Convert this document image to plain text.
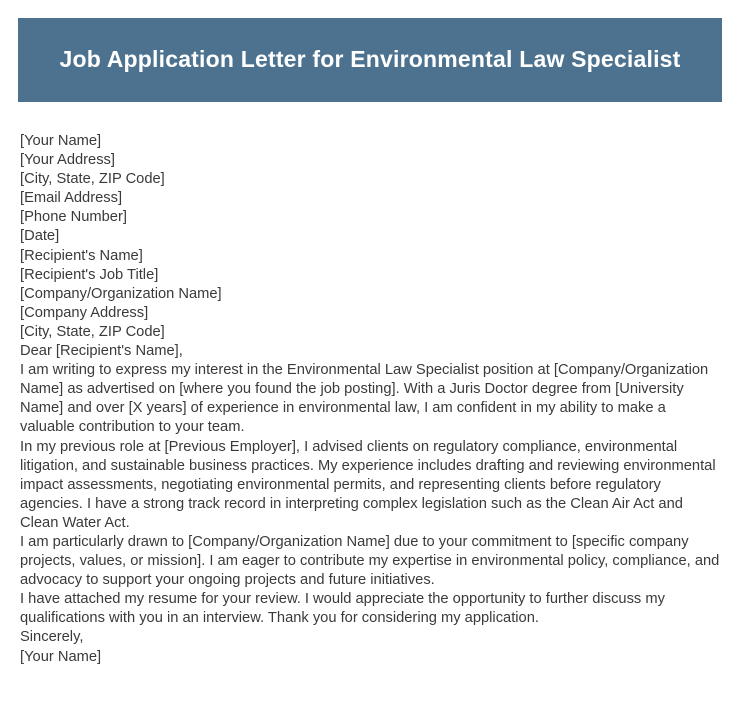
Job Application Letter for Environmental Law Specialist
[Your Name]
[Your Address]
[City, State, ZIP Code]
[Email Address]
[Phone Number]
[Date]
[Recipient's Name]
[Recipient's Job Title]
[Company/Organization Name]
[Company Address]
[City, State, ZIP Code]
Dear [Recipient's Name],

I am writing to express my interest in the Environmental Law Specialist position at [Company/Organization Name] as advertised on [where you found the job posting]. With a Juris Doctor degree from [University Name] and over [X years] of experience in environmental law, I am confident in my ability to make a valuable contribution to your team.

In my previous role at [Previous Employer], I advised clients on regulatory compliance, environmental litigation, and sustainable business practices. My experience includes drafting and reviewing environmental impact assessments, negotiating environmental permits, and representing clients before regulatory agencies. I have a strong track record in interpreting complex legislation such as the Clean Air Act and Clean Water Act.

I am particularly drawn to [Company/Organization Name] due to your commitment to [specific company projects, values, or mission]. I am eager to contribute my expertise in environmental policy, compliance, and advocacy to support your ongoing projects and future initiatives.

I have attached my resume for your review. I would appreciate the opportunity to further discuss my qualifications with you in an interview. Thank you for considering my application.

Sincerely,
[Your Name]
